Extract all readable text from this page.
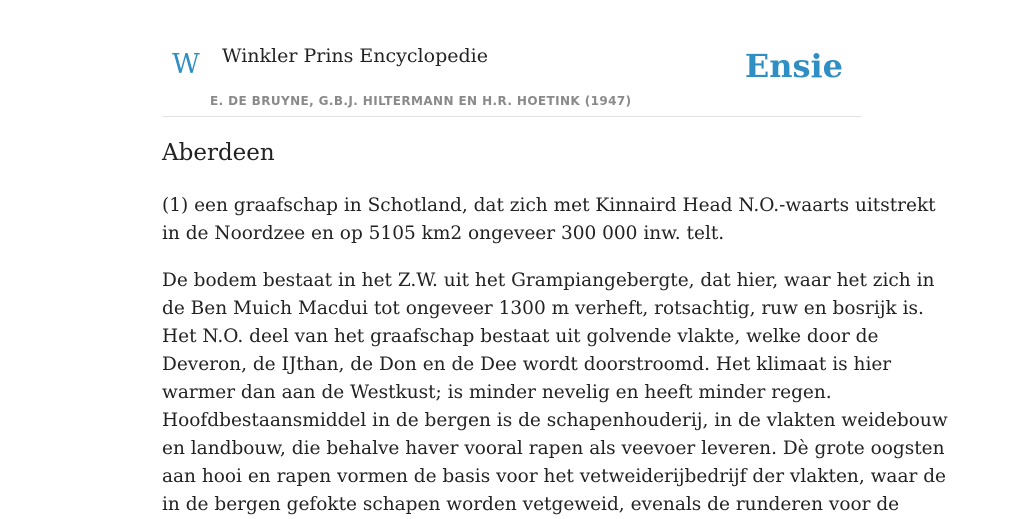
W Winkler Prins Encyclopedie
E. DE BRUYNE, G.B.J. HILTERMANN EN H.R. HOETINK (1947)
Ensie
Aberdeen

(1) een graafschap in Schotland, dat zich met Kinnaird Head N.O.-waarts uitstrekt
in de Noordzee en op 5105 km2 ongeveer 300 000 inw. telt.

De bodem bestaat in het Z.W. uit het Grampiangebergte, dat hier, waar het zich in
de Ben Muich Macdui tot ongeveer 1300 m verheft, rotsachtig, ruw en bosrijk is.
Het N.O. deel van het graafschap bestaat uit golvende vlakte, welke door de
Deveron, de IJthan, de Don en de Dee wordt doorstroomd. Het klimaat is hier
warmer dan aan de Westkust; is minder nevelig en heeft minder regen.
Hoofdbestaansmiddel in de bergen is de schapenhouderij, in de vlakten weidebouw
en landbouw, die behalve haver vooral rapen als veevoer leveren. Dè grote oogsten
aan hooi en rapen vormen de basis voor het vetweiderijbedrijf der vlakten, waar de
in de bergen gefokte schapen worden vetgeweid, evenals de runderen voor de
